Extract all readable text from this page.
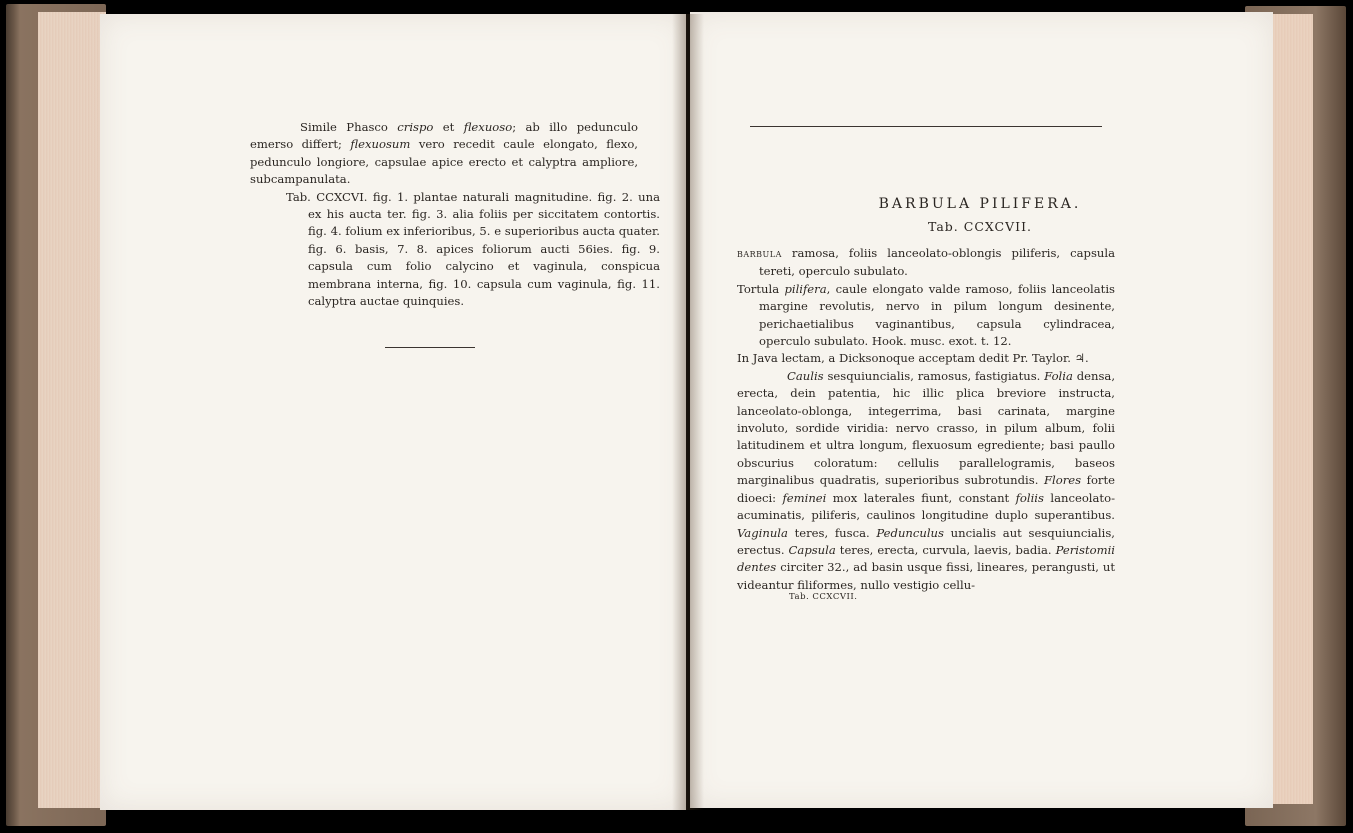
Simile Phasco crispo et flexuoso; ab illo pedunculo emerso differt; flexuosum vero recedit caule elongato, flexo, pedunculo longiore, capsulae apice erecto et calyptra ampliore, subcampanulata.

Tab. CCXCVI. fig. 1. plantae naturali magnitudine. fig. 2. una ex his aucta ter. fig. 3. alia foliis per siccitatem contortis. fig. 4. folium ex inferioribus, 5. e superioribus aucta quater. fig. 6. basis, 7. 8. apices foliorum aucti 56ies. fig. 9. capsula cum folio calycino et vaginula, conspicua membrana interna, fig. 10. capsula cum vaginula, fig. 11. calyptra auctae quinquies.

BARBULA PILIFERA.
Tab. CCXCVII.

BARBULA ramosa, foliis lanceolato-oblongis piliferis, capsula tereti, operculo subulato.

Tortula pilifera, caule elongato valde ramoso, foliis lanceolatis margine revolutis, nervo in pilum longum desinente, perichaetialibus vaginantibus, capsula cylindracea, operculo subulato. Hook. musc. exot. t. 12.

In Java lectam, a Dicksonoque acceptam dedit Pr. Taylor. ♃.

Caulis sesquiuncialis, ramosus, fastigiatus. Folia densa, erecta, dein patentia, hic illic plica breviore instructa, lanceolato-oblonga, integerrima, basi carinata, margine involuto, sordide viridia: nervo crasso, in pilum album, folii latitudinem et ultra longum, flexuosum egrediente; basi paullo obscurius coloratum: cellulis parallelogramis, baseos marginalibus quadratis, superioribus subrotundis. Flores forte dioeci: feminei mox laterales fiunt, constant foliis lanceolato-acuminatis, piliferis, caulinos longitudine duplo superantibus. Vaginula teres, fusca. Pedunculus uncialis aut sesquiuncialis, erectus. Capsula teres, erecta, curvula, laevis, badia. Peristomii dentes circiter 32., ad basin usque fissi, lineares, perangusti, ut videantur filiformes, nullo vestigio cellu-

Tab. CCXCVII.
